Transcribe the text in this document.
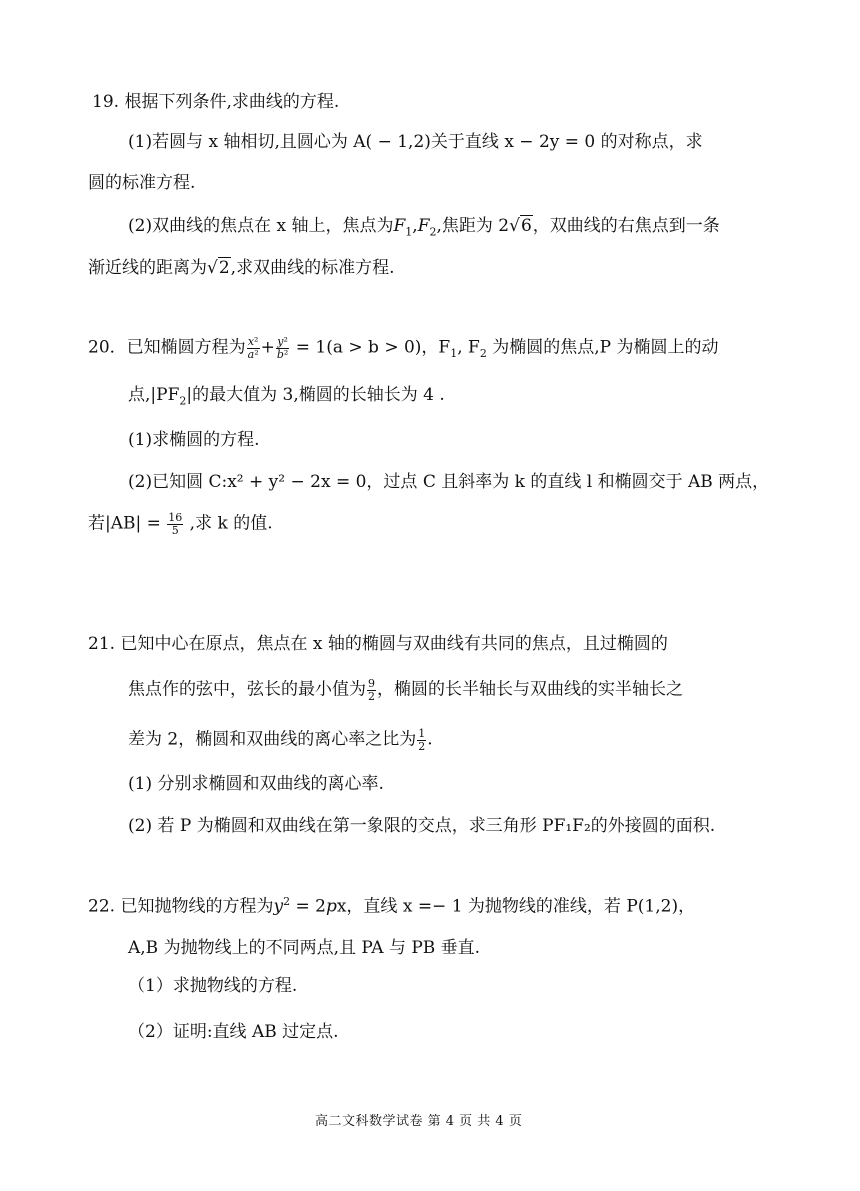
19. 根据下列条件,求曲线的方程.
(1)若圆与 x 轴相切,且圆心为 A( − 1,2)关于直线 x − 2y = 0 的对称点，求
圆的标准方程.
(2)双曲线的焦点在 x 轴上，焦点为$F_1,F_2$,焦距为 2√6，双曲线的右焦点到一条
渐近线的距离为√2,求双曲线的标准方程.
20．已知椭圆方程为 $\frac{\text{x²}}{\text{a²}} + \frac{\text{y²}}{\text{b²}} = 1(a > b > 0)$，$F_1$, $F_2$ 为椭圆的焦点,P 为椭圆上的动
点$,|PF_2|$的最大值为 3,椭圆的长轴长为 4 .
(1)求椭圆的方程.
(2)已知圆 C:x² + y² − 2x = 0，过点 C 且斜率为 k 的直线 l 和椭圆交于 AB 两点，
若$|AB| = \frac{16}{5}$ ,求 k 的值.
21. 已知中心在原点，焦点在 x 轴的椭圆与双曲线有共同的焦点，且过椭圆的
焦点作的弦中，弦长的最小值为 $\frac{9}{2}$ ，椭圆的长半轴长与双曲线的实半轴长之
差为 2，椭圆和双曲线的离心率之比为 $\frac{1}{2}$ .
(1) 分别求椭圆和双曲线的离心率.
(2) 若 P 为椭圆和双曲线在第一象限的交点，求三角形 PF₁F₂的外接圆的面积.
22. 已知抛物线的方程为$y^2 = 2px$，直线 x =− 1 为抛物线的准线，若 P(1,2)，
A,B 为抛物线上的不同两点,且 PA 与 PB 垂直.
（1）求抛物线的方程.
（2）证明:直线 AB 过定点.
高二文科数学试卷 第 4 页 共 4 页
